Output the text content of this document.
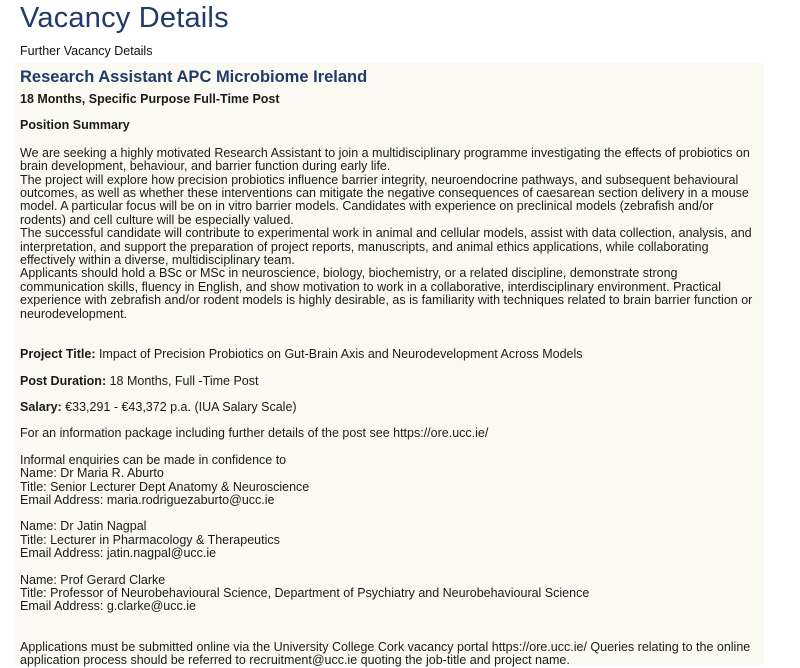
Vacancy Details
Further Vacancy Details
Research Assistant APC Microbiome Ireland
18 Months, Specific Purpose Full-Time Post
Position Summary

We are seeking a highly motivated Research Assistant to join a multidisciplinary programme investigating the effects of probiotics on brain development, behaviour, and barrier function during early life.

The project will explore how precision probiotics influence barrier integrity, neuroendocrine pathways, and subsequent behavioural outcomes, as well as whether these interventions can mitigate the negative consequences of caesarean section delivery in a mouse model. A particular focus will be on in vitro barrier models. Candidates with experience on preclinical models (zebrafish and/or rodents) and cell culture will be especially valued.

The successful candidate will contribute to experimental work in animal and cellular models, assist with data collection, analysis, and interpretation, and support the preparation of project reports, manuscripts, and animal ethics applications, while collaborating effectively within a diverse, multidisciplinary team.

Applicants should hold a BSc or MSc in neuroscience, biology, biochemistry, or a related discipline, demonstrate strong communication skills, fluency in English, and show motivation to work in a collaborative, interdisciplinary environment. Practical experience with zebrafish and/or rodent models is highly desirable, as is familiarity with techniques related to brain barrier function or neurodevelopment.

Project Title: Impact of Precision Probiotics on Gut-Brain Axis and Neurodevelopment Across Models
Post Duration: 18 Months, Full -Time Post
Salary: €33,291 - €43,372 p.a. (IUA Salary Scale)
For an information package including further details of the post see https://ore.ucc.ie/
Informal enquiries can be made in confidence to
Name: Dr Maria R. Aburto
Title: Senior Lecturer Dept Anatomy & Neuroscience
Email Address: maria.rodriguezaburto@ucc.ie
Name: Dr Jatin Nagpal
Title: Lecturer in Pharmacology & Therapeutics
Email Address: jatin.nagpal@ucc.ie
Name: Prof Gerard Clarke
Title: Professor of Neurobehavioural Science, Department of Psychiatry and Neurobehavioural Science
Email Address: g.clarke@ucc.ie

Applications must be submitted online via the University College Cork vacancy portal https://ore.ucc.ie/ Queries relating to the online application process should be referred to recruitment@ucc.ie quoting the job-title and project name.
